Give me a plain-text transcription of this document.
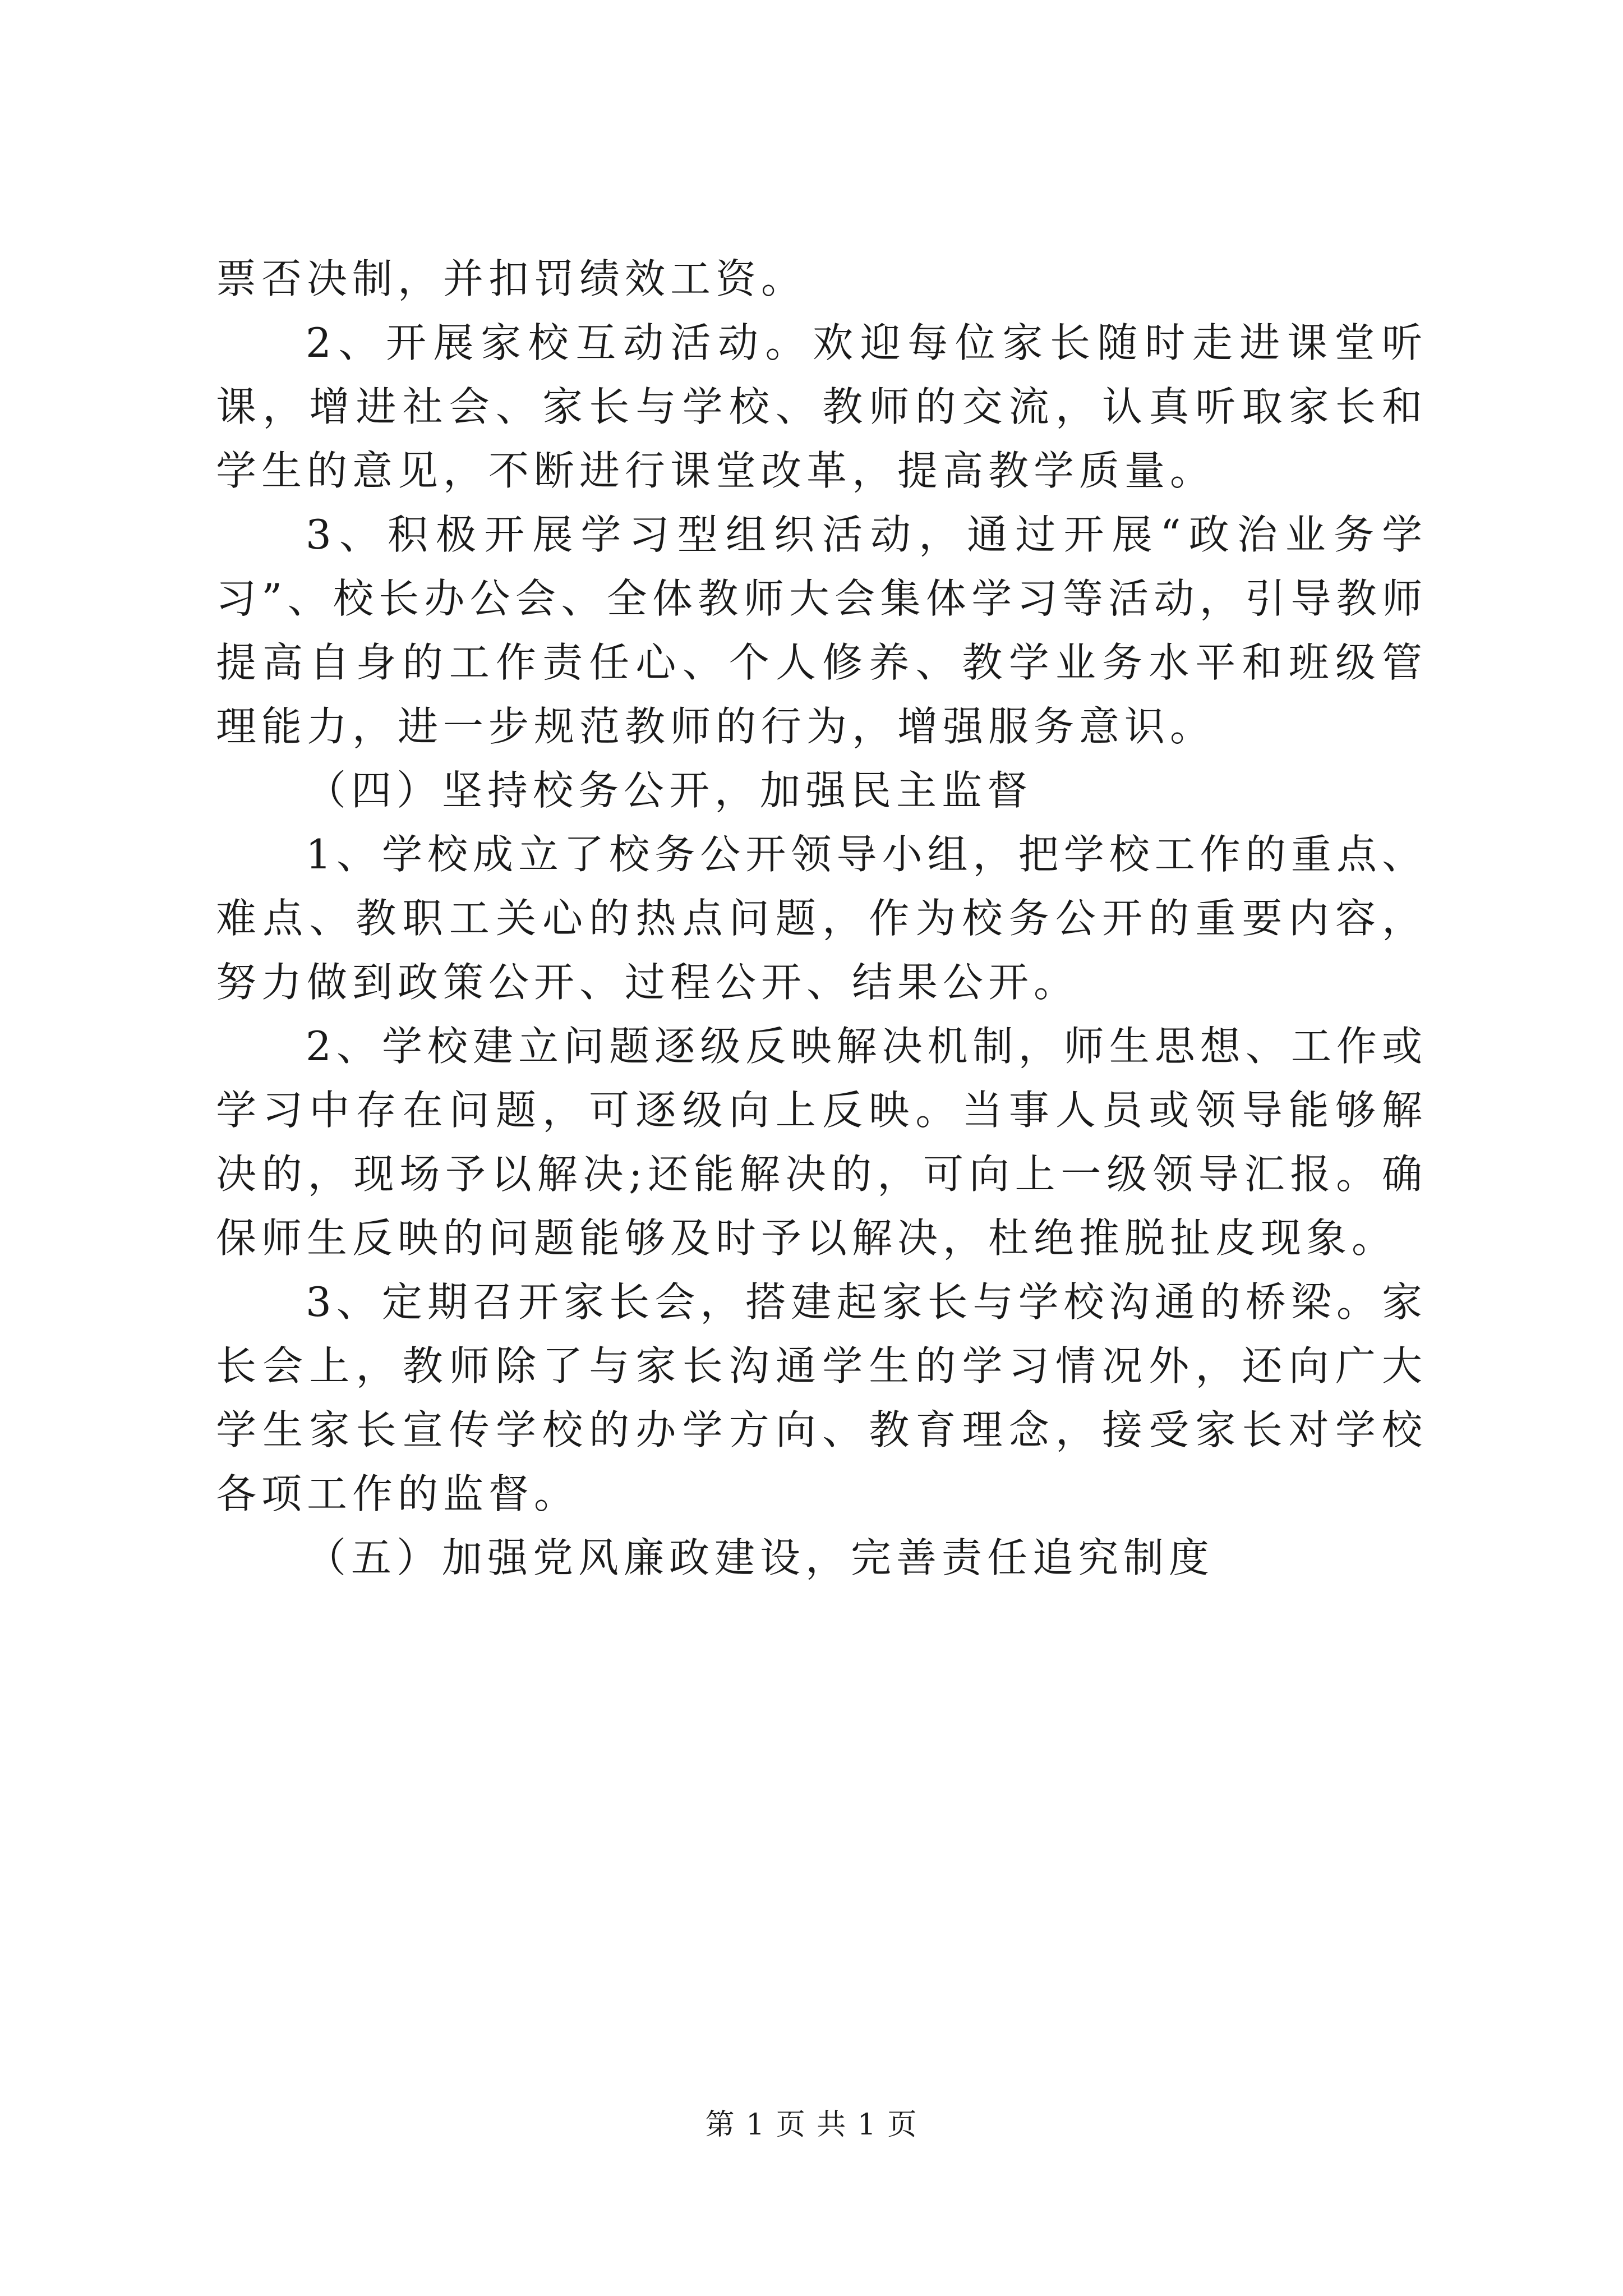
票否决制，并扣罚绩效工资。

2、开展家校互动活动。欢迎每位家长随时走进课堂听课，增进社会、家长与学校、教师的交流，认真听取家长和学生的意见，不断进行课堂改革，提高教学质量。

3、积极开展学习型组织活动，通过开展“政治业务学习”、校长办公会、全体教师大会集体学习等活动，引导教师提高自身的工作责任心、个人修养、教学业务水平和班级管理能力，进一步规范教师的行为，增强服务意识。

（四）坚持校务公开，加强民主监督

1、学校成立了校务公开领导小组，把学校工作的重点、难点、教职工关心的热点问题，作为校务公开的重要内容，努力做到政策公开、过程公开、结果公开。

2、学校建立问题逐级反映解决机制，师生思想、工作或学习中存在问题，可逐级向上反映。当事人员或领导能够解决的，现场予以解决;还能解决的，可向上一级领导汇报。确保师生反映的问题能够及时予以解决，杜绝推脱扯皮现象。

3、定期召开家长会，搭建起家长与学校沟通的桥梁。家长会上，教师除了与家长沟通学生的学习情况外，还向广大学生家长宣传学校的办学方向、教育理念，接受家长对学校各项工作的监督。

（五）加强党风廉政建设，完善责任追究制度

第 1 页 共 1 页
